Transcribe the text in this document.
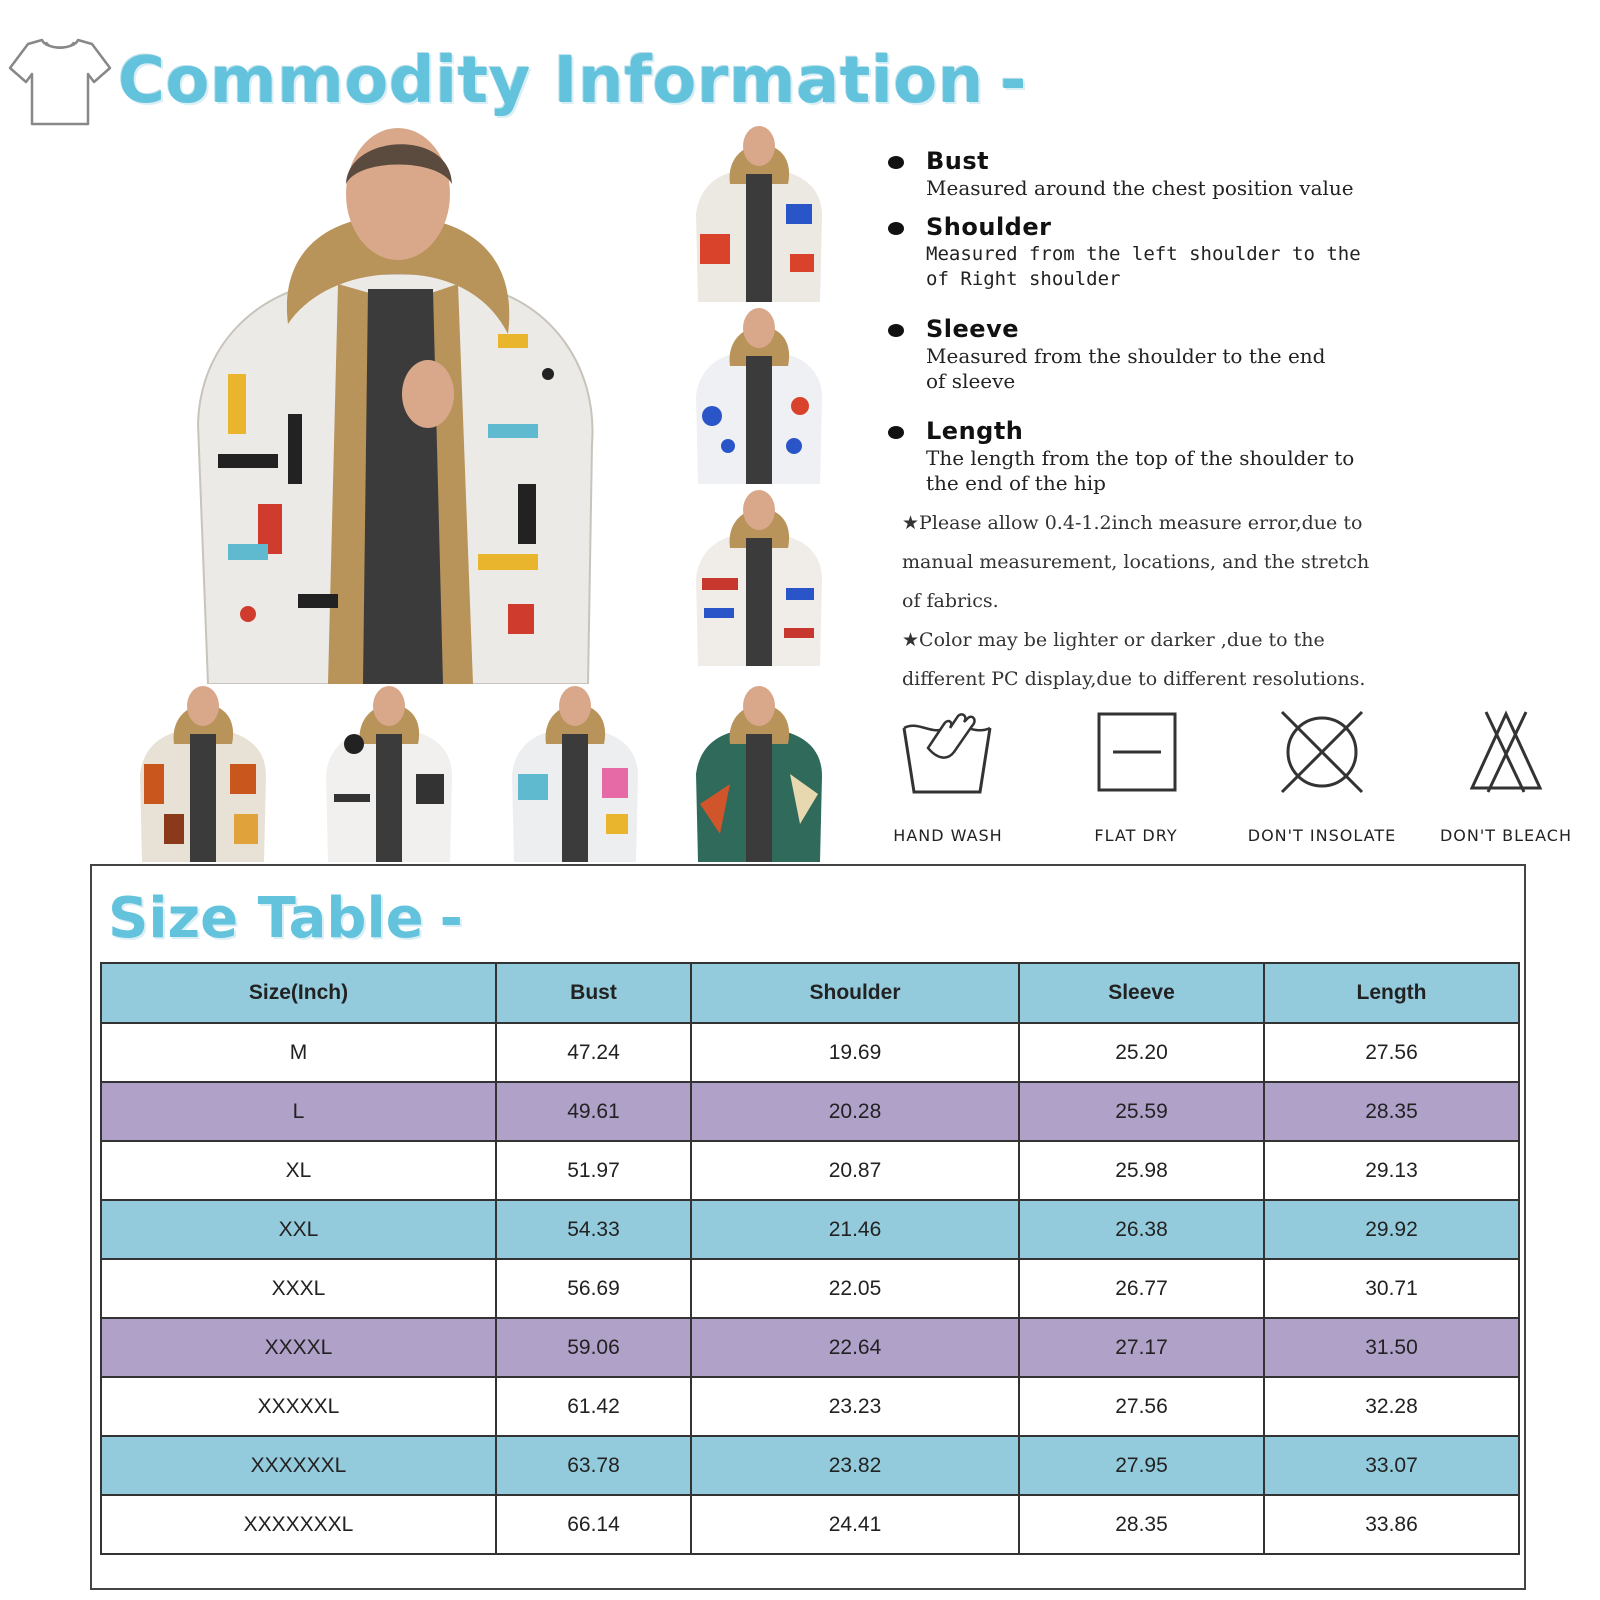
Commodity Information -
Bust
Measured around the chest position value
Shoulder
Measured from the left shoulder to the
of Right shoulder
Sleeve
Measured from the shoulder to the end
of sleeve
Length
The length from the top of the shoulder to
the end of the hip

★Please allow 0.4-1.2inch measure error,due to

manual measurement, locations, and the stretch

of fabrics.

★Color may be lighter or darker ,due to the

different PC display,due to different resolutions.

HAND WASH	FLAT DRY	DON'T INSOLATE	DON'T BLEACH
Size Table -
Size(Inch)	Bust	Shoulder	Sleeve	Length
M	47.24	19.69	25.20	27.56
L	49.61	20.28	25.59	28.35
XL	51.97	20.87	25.98	29.13
XXL	54.33	21.46	26.38	29.92
XXXL	56.69	22.05	26.77	30.71
XXXXL	59.06	22.64	27.17	31.50
XXXXXL	61.42	23.23	27.56	32.28
XXXXXXL	63.78	23.82	27.95	33.07
XXXXXXXL	66.14	24.41	28.35	33.86
